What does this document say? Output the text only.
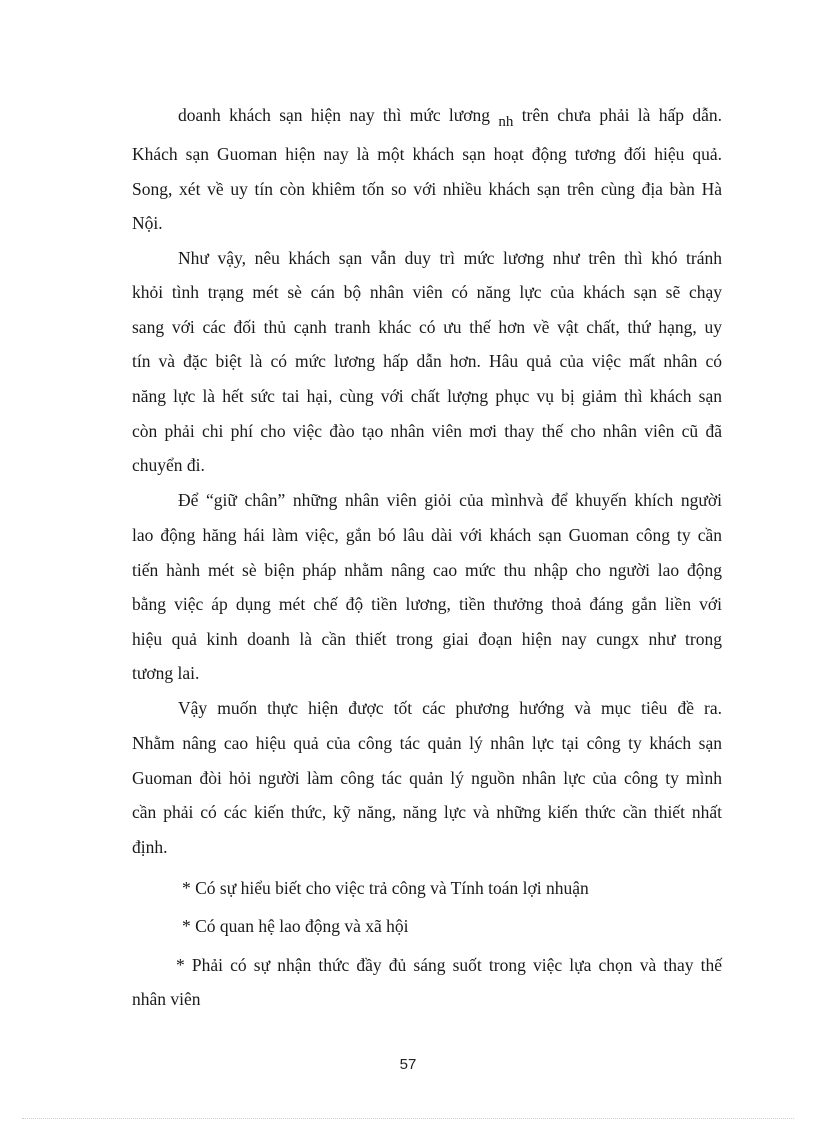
doanh khách sạn hiện nay thì mức lương nh trên chưa phải là hấp dẫn.
Khách sạn Guoman hiện nay là một khách sạn hoạt động tương đối hiệu quả.
Song, xét về uy tín còn khiêm tốn so với nhiều khách sạn trên cùng địa bàn Hà
Nội.
Như vậy, nêu khách sạn vẫn duy trì mức lương như trên thì khó tránh
khỏi tình trạng mét sè cán bộ nhân viên có năng lực của khách sạn sẽ chạy
sang với các đối thủ cạnh tranh khác có ưu thế hơn về vật chất, thứ hạng, uy
tín và đặc biệt là có mức lương hấp dẫn hơn. Hâu quả của việc mất nhân có
năng lực là hết sức tai hại, cùng với chất lượng phục vụ bị giảm thì khách sạn
còn phải chi phí cho việc đào tạo nhân viên mơi thay thế cho nhân viên cũ đã
chuyển đi.
Để “giữ chân” những nhân viên giỏi của mìnhvà để khuyến khích người
lao động hăng hái làm việc, gắn bó lâu dài với khách sạn Guoman công ty cần
tiến hành mét sè biện pháp nhằm nâng cao mức thu nhập cho người lao động
bằng việc áp dụng mét chế độ tiền lương, tiền thưởng thoả đáng gắn liền với
hiệu quả kinh doanh là cần thiết trong giai đoạn hiện nay cungx như trong
tương lai.
Vậy muốn thực hiện được tốt các phương hướng và mục tiêu đề ra.
Nhằm nâng cao hiệu quả của công tác quản lý nhân lực tại công ty khách sạn
Guoman đòi hỏi người làm công tác quản lý nguồn nhân lực của công ty mình
cần phải có các kiến thức, kỹ năng, năng lực và những kiến thức cần thiết nhất
định.
* Có sự hiểu biết cho việc trả công và Tính toán lợi nhuận
* Có quan hệ lao động và xã hội
* Phải có sự nhận thức đầy đủ sáng suốt trong việc lựa chọn và thay thế
nhân viên
57
